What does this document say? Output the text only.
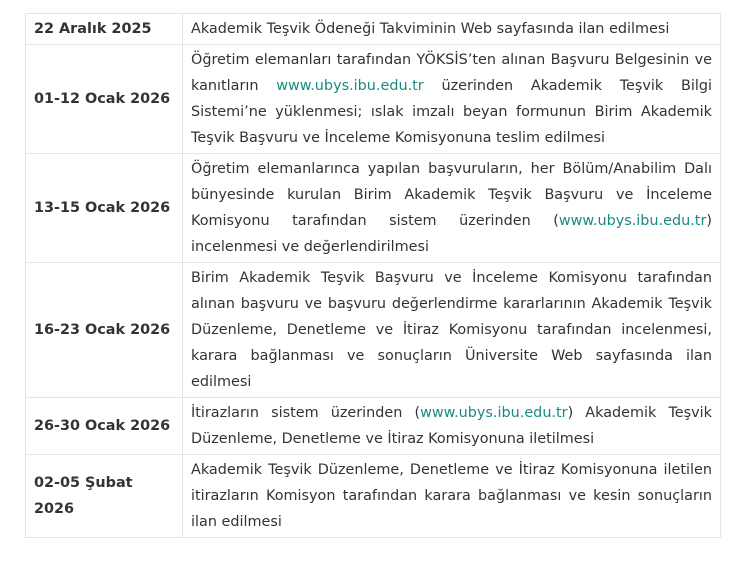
22 Aralık 2025	Akademik Teşvik Ödeneği Takviminin Web sayfasında ilan edilmesi
01-12 Ocak 2026	Öğretim elemanları tarafından YÖKSİS’ten alınan Başvuru Belgesinin ve kanıtların www.ubys.ibu.edu.tr üzerinden Akademik Teşvik Bilgi Sistemi’ne yüklenmesi; ıslak imzalı beyan formunun Birim Akademik Teşvik Başvuru ve İnceleme Komisyonuna teslim edilmesi
13-15 Ocak 2026	Öğretim elemanlarınca yapılan başvuruların, her Bölüm/Anabilim Dalı bünyesinde kurulan Birim Akademik Teşvik Başvuru ve İnceleme Komisyonu tarafından sistem üzerinden (www.ubys.ibu.edu.tr) incelenmesi ve değerlendirilmesi
16-23 Ocak 2026	Birim Akademik Teşvik Başvuru ve İnceleme Komisyonu tarafından alınan başvuru ve başvuru değerlendirme kararlarının Akademik Teşvik Düzenleme, Denetleme ve İtiraz Komisyonu tarafından incelenmesi, karara bağlanması ve sonuçların Üniversite Web sayfasında ilan edilmesi
26-30 Ocak 2026	İtirazların sistem üzerinden (www.ubys.ibu.edu.tr) Akademik Teşvik Düzenleme, Denetleme ve İtiraz Komisyonuna iletilmesi
02-05 Şubat 2026	Akademik Teşvik Düzenleme, Denetleme ve İtiraz Komisyonuna iletilen itirazların Komisyon tarafından karara bağlanması ve kesin sonuçların ilan edilmesi
